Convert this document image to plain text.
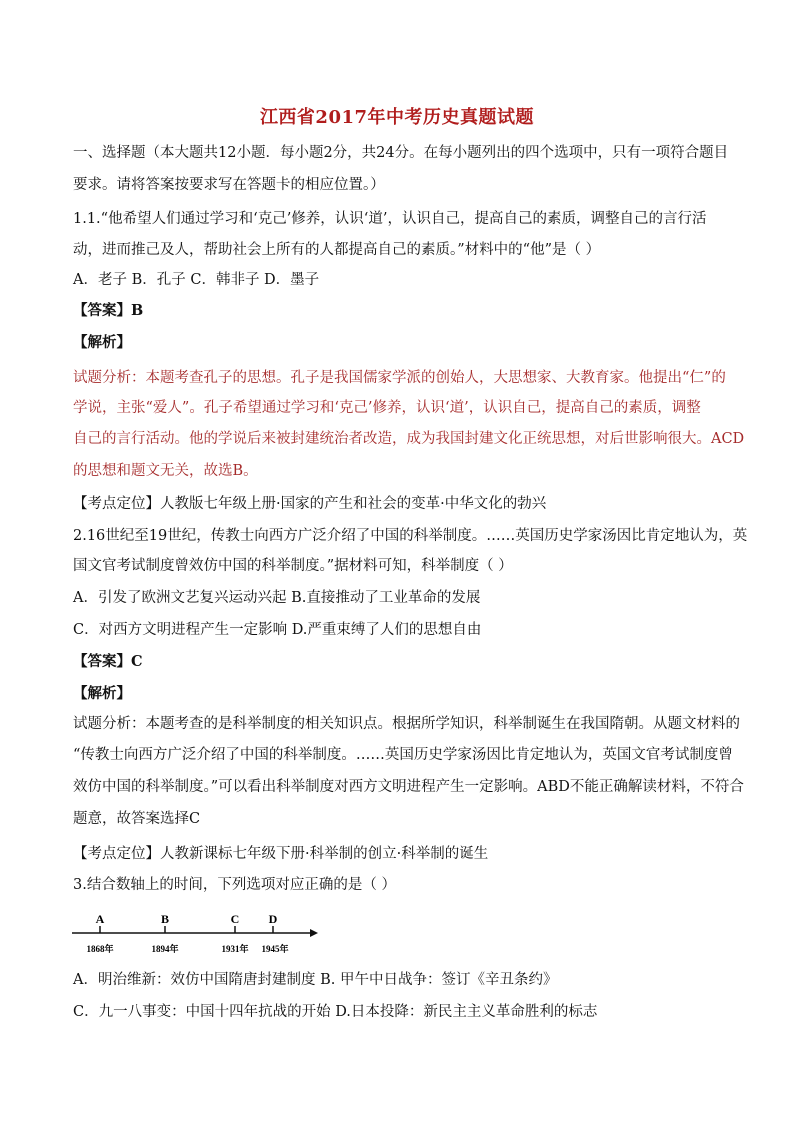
江西省2017年中考历史真题试题
一、选择题（本大题共12小题．每小题2分，共24分。在每小题列出的四个选项中，只有一项符合题目
要求。请将答案按要求写在答题卡的相应位置。）
1.1.“他希望人们通过学习和‘克己’修养，认识‘道’，认识自己，提高自己的素质，调整自己的言行活
动，进而推己及人，帮助社会上所有的人都提高自己的素质。”材料中的“他”是（ ）
A．老子 B．孔子 C．韩非子 D．墨子
【答案】B
【解析】
试题分析：本题考查孔子的思想。孔子是我国儒家学派的创始人，大思想家、大教育家。他提出“仁”的
学说，主张“爱人”。孔子希望通过学习和‘克己’修养，认识‘道’，认识自己，提高自己的素质，调整
自己的言行活动。他的学说后来被封建统治者改造，成为我国封建文化正统思想，对后世影响很大。ACD
的思想和题文无关，故选B。
【考点定位】人教版七年级上册·国家的产生和社会的变革·中华文化的勃兴
2.16世纪至19世纪，传教士向西方广泛介绍了中国的科举制度。……英国历史学家汤因比肯定地认为，英
国文官考试制度曾效仿中国的科举制度。”据材料可知，科举制度（ ）
A．引发了欧洲文艺复兴运动兴起 B.直接推动了工业革命的发展
C．对西方文明进程产生一定影响 D.严重束缚了人们的思想自由
【答案】C
【解析】
试题分析：本题考查的是科举制度的相关知识点。根据所学知识，科举制诞生在我国隋朝。从题文材料的
“传教士向西方广泛介绍了中国的科举制度。……英国历史学家汤因比肯定地认为，英国文官考试制度曾
效仿中国的科举制度。”可以看出科举制度对西方文明进程产生一定影响。ABD不能正确解读材料，不符合
题意，故答案选择C
【考点定位】人教新课标七年级下册·科举制的创立·科举制的诞生
3.结合数轴上的时间，下列选项对应正确的是（ ）
A
1868年
B
1894年
C
1931年
D
1945年
A．明治维新：效仿中国隋唐封建制度 B. 甲午中日战争：签订《辛丑条约》
C．九一八事变：中国十四年抗战的开始 D.日本投降：新民主主义革命胜利的标志
